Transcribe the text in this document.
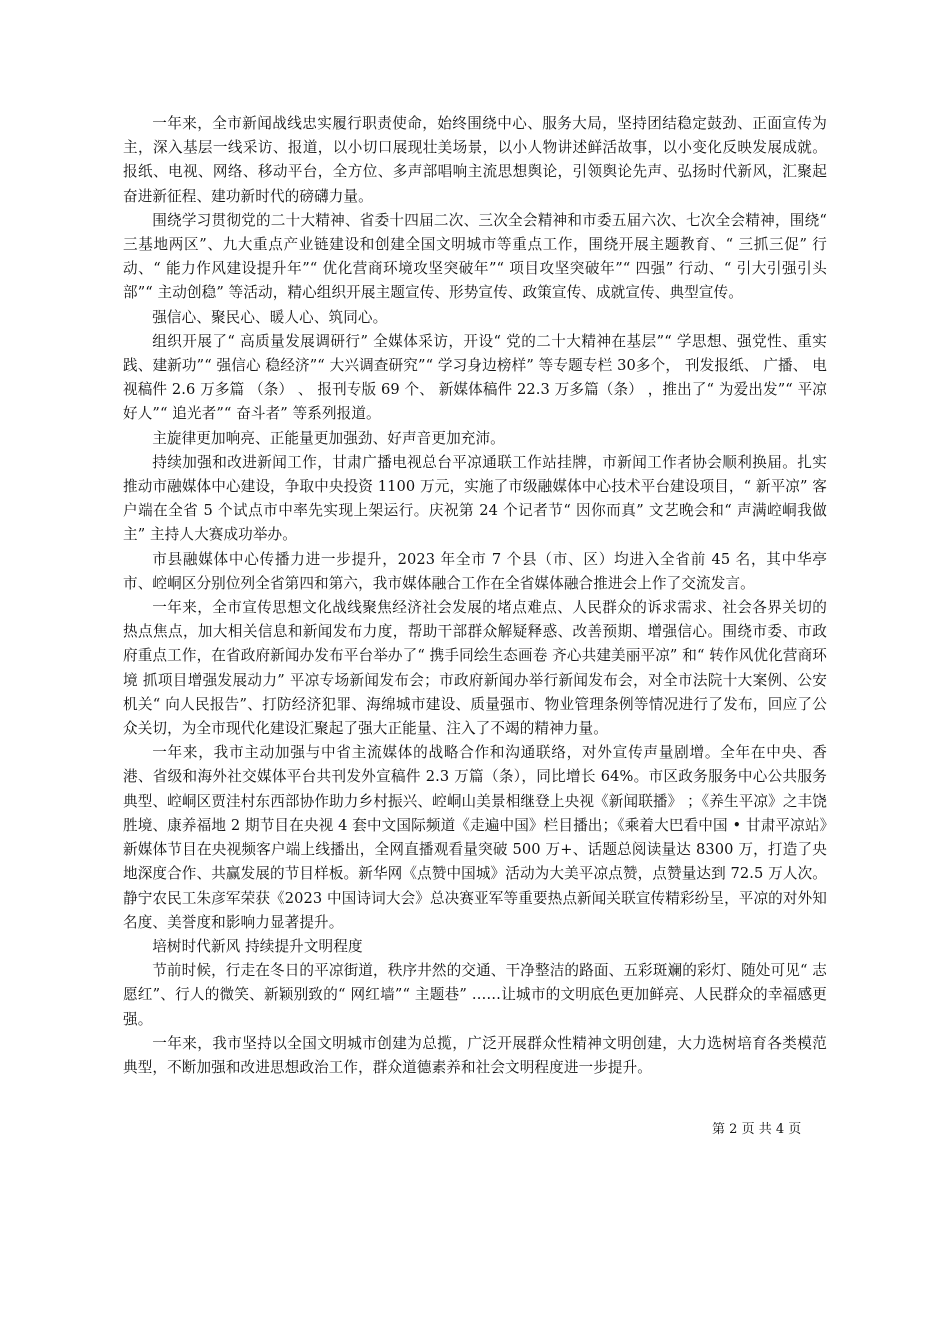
一年来，全市新闻战线忠实履行职责使命，始终围绕中心、服务大局，坚持团结稳定鼓劲、正面宣传为主，深入基层一线采访、报道，以小切口展现壮美场景，以小人物讲述鲜活故事，以小变化反映发展成就。报纸、电视、网络、移动平台，全方位、多声部唱响主流思想舆论，引领舆论先声、弘扬时代新风，汇聚起奋进新征程、建功新时代的磅礴力量。

围绕学习贯彻党的二十大精神、省委十四届二次、三次全会精神和市委五届六次、七次全会精神，围绕“ 三基地两区”、九大重点产业链建设和创建全国文明城市等重点工作，围绕开展主题教育、“ 三抓三促” 行动、“ 能力作风建设提升年”“ 优化营商环境攻坚突破年”“ 项目攻坚突破年”“ 四强” 行动、“ 引大引强引头部”“ 主动创稳” 等活动，精心组织开展主题宣传、形势宣传、政策宣传、成就宣传、典型宣传。

强信心、聚民心、暖人心、筑同心。

组织开展了“ 高质量发展调研行” 全媒体采访，开设“ 党的二十大精神在基层”“ 学思想、强党性、重实践、建新功”“ 强信心 稳经济”“ 大兴调查研究”“ 学习身边榜样” 等专题专栏 30多个， 刊发报纸、 广播、 电视稿件 2.6 万多篇 （条） 、 报刊专版 69 个、 新媒体稿件 22.3 万多篇（条） ，推出了“ 为爱出发”“ 平凉好人”“ 追光者”“ 奋斗者” 等系列报道。

主旋律更加响亮、正能量更加强劲、好声音更加充沛。

持续加强和改进新闻工作，甘肃广播电视总台平凉通联工作站挂牌，市新闻工作者协会顺利换届。扎实推动市融媒体中心建设，争取中央投资 1100 万元，实施了市级融媒体中心技术平台建设项目，“ 新平凉” 客户端在全省 5 个试点市中率先实现上架运行。庆祝第 24 个记者节“ 因你而真” 文艺晚会和“ 声满崆峒我做主” 主持人大赛成功举办。

市县融媒体中心传播力进一步提升，2023 年全市 7 个县（市、区）均进入全省前 45 名，其中华亭市、崆峒区分别位列全省第四和第六，我市媒体融合工作在全省媒体融合推进会上作了交流发言。

一年来，全市宣传思想文化战线聚焦经济社会发展的堵点难点、人民群众的诉求需求、社会各界关切的热点焦点，加大相关信息和新闻发布力度，帮助干部群众解疑释惑、改善预期、增强信心。围绕市委、市政府重点工作，在省政府新闻办发布平台举办了“ 携手同绘生态画卷 齐心共建美丽平凉” 和“ 转作风优化营商环境 抓项目增强发展动力” 平凉专场新闻发布会；市政府新闻办举行新闻发布会，对全市法院十大案例、公安机关“ 向人民报告”、打防经济犯罪、海绵城市建设、质量强市、物业管理条例等情况进行了发布，回应了公众关切，为全市现代化建设汇聚起了强大正能量、注入了不竭的精神力量。

一年来，我市主动加强与中省主流媒体的战略合作和沟通联络，对外宣传声量剧增。全年在中央、香港、省级和海外社交媒体平台共刊发外宣稿件 2.3 万篇（条），同比增长 64%。市区政务服务中心公共服务典型、崆峒区贾洼村东西部协作助力乡村振兴、崆峒山美景相继登上央视《新闻联播》 ；《养生平凉》之丰饶胜境、康养福地 2 期节目在央视 4 套中文国际频道《走遍中国》栏目播出；《乘着大巴看中国 • 甘肃平凉站》新媒体节目在央视频客户端上线播出，全网直播观看量突破 500 万+、话题总阅读量达 8300 万，打造了央地深度合作、共赢发展的节目样板。新华网《点赞中国城》活动为大美平凉点赞，点赞量达到 72.5 万人次。静宁农民工朱彦军荣获《2023 中国诗词大会》总决赛亚军等重要热点新闻关联宣传精彩纷呈，平凉的对外知名度、美誉度和影响力显著提升。

培树时代新风 持续提升文明程度

节前时候，行走在冬日的平凉街道，秩序井然的交通、干净整洁的路面、五彩斑斓的彩灯、随处可见“ 志愿红”、行人的微笑、新颖别致的“ 网红墙”“ 主题巷” ……让城市的文明底色更加鲜亮、人民群众的幸福感更强。

一年来，我市坚持以全国文明城市创建为总揽，广泛开展群众性精神文明创建，大力选树培育各类模范典型，不断加强和改进思想政治工作，群众道德素养和社会文明程度进一步提升。

第 2 页 共 4 页
